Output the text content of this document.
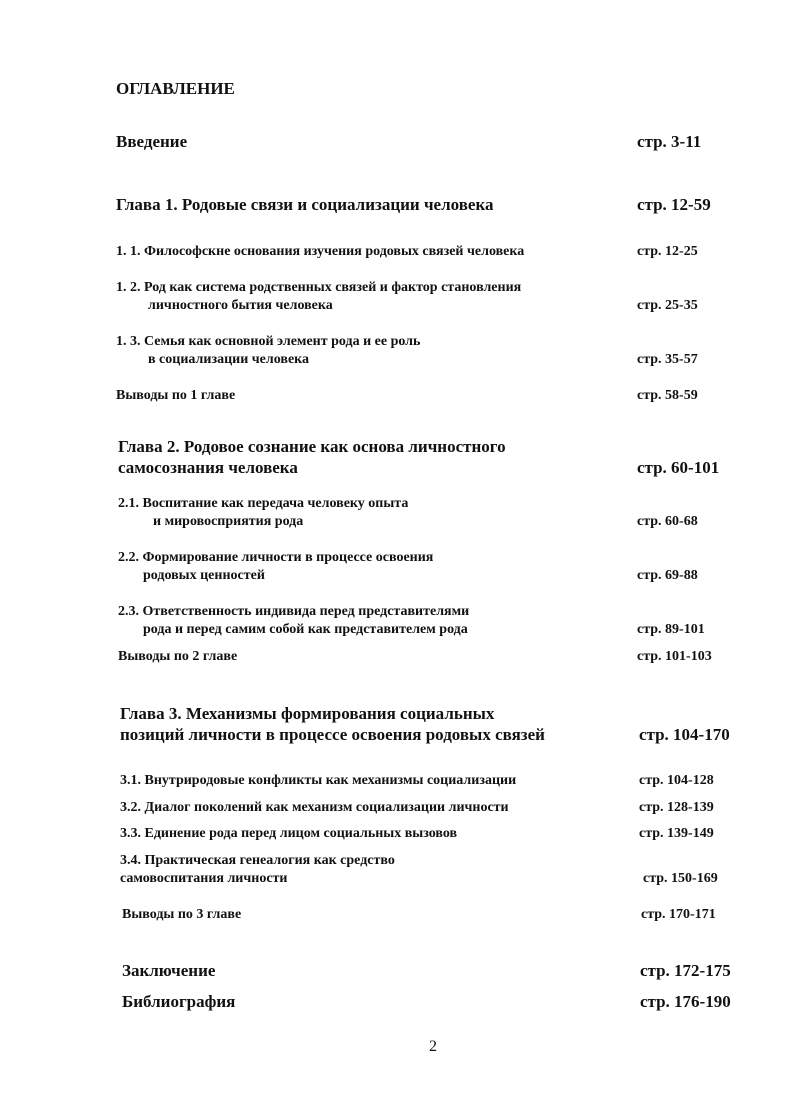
ОГЛАВЛЕНИЕ
Введение	стр. 3-11
Глава 1. Родовые связи и социализации человека	стр. 12-59
1. 1. Философскне основания изучения родовых связей человека	стр. 12-25
1. 2. Род как система родственных связей и фактор становления
личностного бытия человека	стр. 25-35
1. 3. Семья как основной элемент рода и ее роль
в социализации человека	стр. 35-57
Выводы по 1 главе	стр. 58-59
Глава 2. Родовое сознание как основа личностного
самосознания человека	стр. 60-101
2.1. Воспитание как передача человеку опыта
и мировосприятия рода	стр. 60-68
2.2. Формирование личности в процессе освоения
родовых ценностей	стр. 69-88
2.3. Ответственность индивида перед представителями
рода и перед самим собой как представителем рода	стр. 89-101
Выводы по 2 главе	стр. 101-103
Глава 3. Механизмы формирования социальных
позиций личности в процессе освоения родовых связей	стр. 104-170
3.1. Внутриродовые конфликты как механизмы социализации	стр. 104-128
3.2. Диалог поколений как механизм социализации личности	стр. 128-139
3.3. Единение рода перед лицом социальных вызовов	стр. 139-149
3.4. Практическая генеалогия как средство
самовоспитания личности	стр. 150-169
Выводы по 3 главе	стр. 170-171
Заключение	стр. 172-175
Библиография	стр. 176-190
2
